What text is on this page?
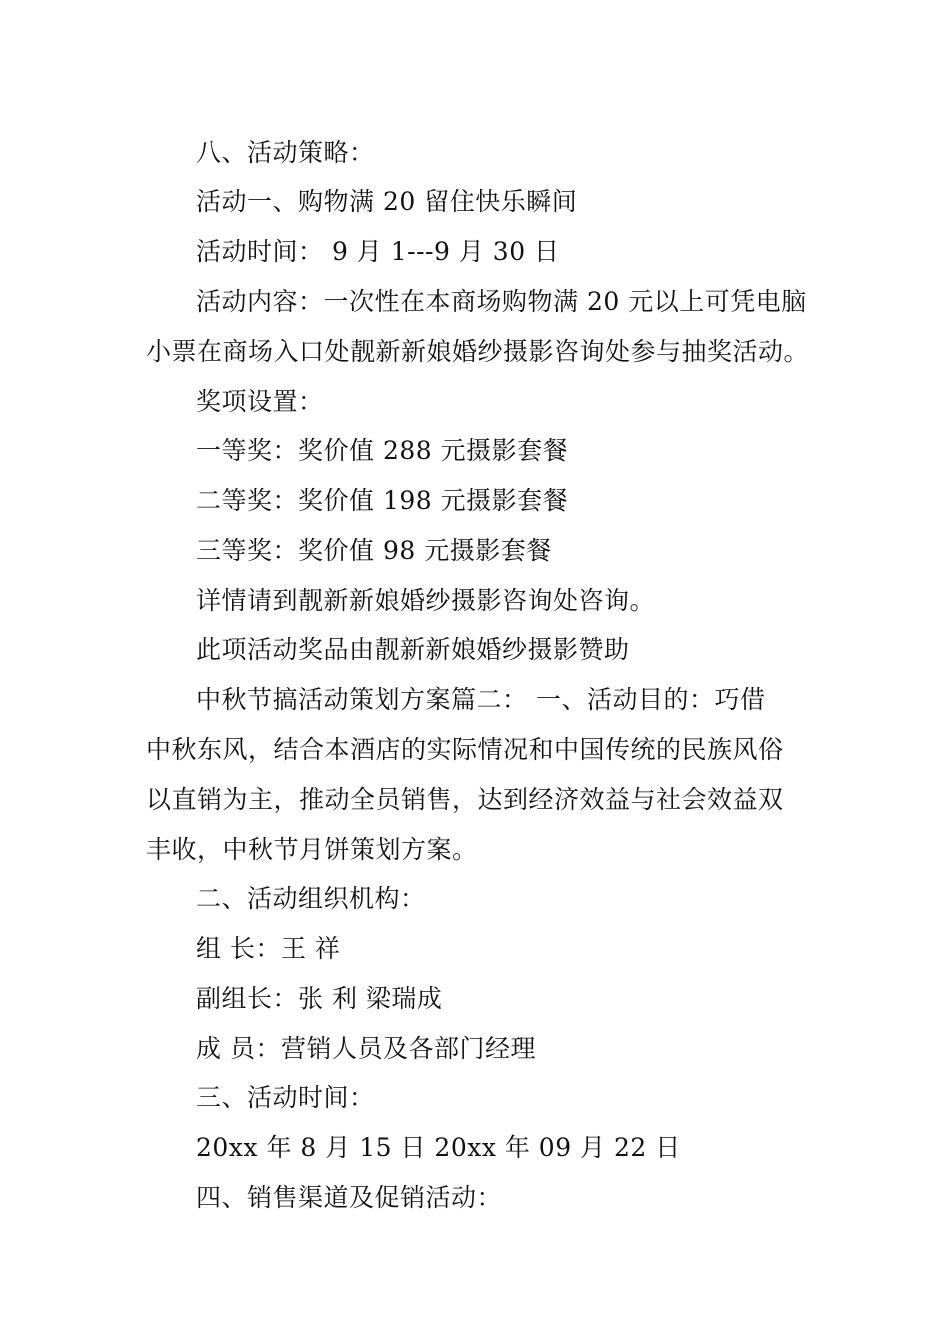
八、活动策略：
活动一、购物满 20 留住快乐瞬间
活动时间： 9 月 1---9 月 30 日
活动内容：一次性在本商场购物满 20 元以上可凭电脑
小票在商场入口处靓新新娘婚纱摄影咨询处参与抽奖活动。
奖项设置：
一等奖：奖价值 288 元摄影套餐
二等奖：奖价值 198 元摄影套餐
三等奖：奖价值 98 元摄影套餐
详情请到靓新新娘婚纱摄影咨询处咨询。
此项活动奖品由靓新新娘婚纱摄影赞助
中秋节搞活动策划方案篇二： 一、活动目的：巧借
中秋东风，结合本酒店的实际情况和中国传统的民族风俗
以直销为主，推动全员销售，达到经济效益与社会效益双
丰收，中秋节月饼策划方案。
二、活动组织机构：
组 长：王 祥
副组长：张 利 梁瑞成
成 员：营销人员及各部门经理
三、活动时间：
20xx 年 8 月 15 日 20xx 年 09 月 22 日
四、销售渠道及促销活动：
